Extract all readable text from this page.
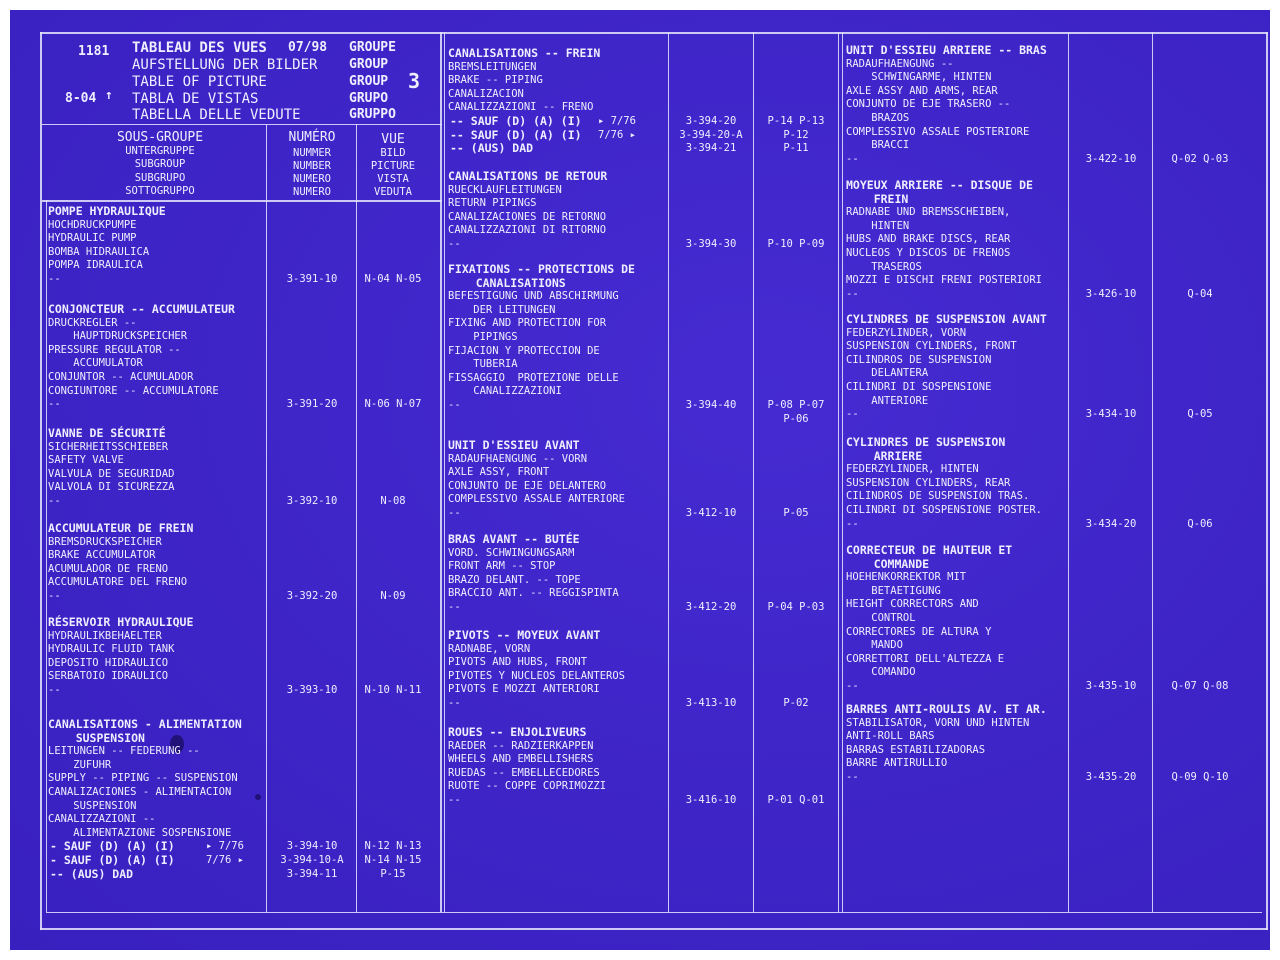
1181	07/98
8-04 ↑
TABLEAU DES VUES
AUFSTELLUNG DER BILDER
TABLE OF PICTURE
TABLA DE VISTAS
TABELLA DELLE VEDUTE
GROUPE
GROUP
GROUP
GRUPO
GRUPPO
3
SOUS-GROUPE
UNTERGRUPPE
SUBGROUP
SUBGRUPO
SOTTOGRUPPO
NUMÉRO
NUMMER
NUMBER
NUMERO
NUMERO
VUE
BILD
PICTURE
VISTA
VEDUTA
POMPE HYDRAULIQUE
HOCHDRUCKPUMPE
HYDRAULIC PUMP
BOMBA HIDRAULICA
POMPA IDRAULICA
--	3-391-10	N-04 N-05
CONJONCTEUR -- ACCUMULATEUR
DRUCKREGLER --
HAUPTDRUCKSPEICHER
PRESSURE REGULATOR --
ACCUMULATOR
CONJUNTOR -- ACUMULADOR
CONGIUNTORE -- ACCUMULATORE
--	3-391-20	N-06 N-07
VANNE DE SÉCURITÉ
SICHERHEITSSCHIEBER
SAFETY VALVE
VALVULA DE SEGURIDAD
VALVOLA DI SICUREZZA
--	3-392-10	N-08
ACCUMULATEUR DE FREIN
BREMSDRUCKSPEICHER
BRAKE ACCUMULATOR
ACUMULADOR DE FRENO
ACCUMULATORE DEL FRENO
--	3-392-20	N-09
RÉSERVOIR HYDRAULIQUE
HYDRAULIKBEHAELTER
HYDRAULIC FLUID TANK
DEPOSITO HIDRAULICO
SERBATOIO IDRAULICO
--	3-393-10	N-10 N-11
CANALISATIONS - ALIMENTATION
SUSPENSION
LEITUNGEN -- FEDERUNG --
ZUFUHR
SUPPLY -- PIPING -- SUSPENSION
CANALIZACIONES - ALIMENTACION
SUSPENSION
CANALIZZAZIONI --
ALIMENTAZIONE SOSPENSIONE
- SAUF (D) (A) (I)	▸ 7/76	3-394-10	N-12 N-13
- SAUF (D) (A) (I)	7/76 ▸	3-394-10-A	N-14 N-15
-- (AUS) DAD	3-394-11	P-15
CANALISATIONS -- FREIN
BREMSLEITUNGEN
BRAKE -- PIPING
CANALIZACION
CANALIZZAZIONI -- FRENO
-- SAUF (D) (A) (I) ▸ 7/76	3-394-20	P-14 P-13
-- SAUF (D) (A) (I) 7/76 ▸	3-394-20-A	P-12
-- (AUS) DAD	3-394-21	P-11
CANALISATIONS DE RETOUR
RUECKLAUFLEITUNGEN
RETURN PIPINGS
CANALIZACIONES DE RETORNO
CANALIZZAZIONI DI RITORNO
--	3-394-30	P-10 P-09
FIXATIONS -- PROTECTIONS DE
CANALISATIONS
BEFESTIGUNG UND ABSCHIRMUNG
DER LEITUNGEN
FIXING AND PROTECTION FOR
PIPINGS
FIJACION Y PROTECCION DE
TUBERIA
FISSAGGIO  PROTEZIONE DELLE
CANALIZZAZIONI
--	3-394-40	P-08 P-07
P-06
UNIT D'ESSIEU AVANT
RADAUFHAENGUNG -- VORN
AXLE ASSY, FRONT
CONJUNTO DE EJE DELANTERO
COMPLESSIVO ASSALE ANTERIORE
--	3-412-10	P-05
BRAS AVANT -- BUTÉE
VORD. SCHWINGUNGSARM
FRONT ARM -- STOP
BRAZO DELANT. -- TOPE
BRACCIO ANT. -- REGGISPINTA
--	3-412-20	P-04 P-03
PIVOTS -- MOYEUX AVANT
RADNABE, VORN
PIVOTS AND HUBS, FRONT
PIVOTES Y NUCLEOS DELANTEROS
PIVOTS E MOZZI ANTERIORI
--	3-413-10	P-02
ROUES -- ENJOLIVEURS
RAEDER -- RADZIERKAPPEN
WHEELS AND EMBELLISHERS
RUEDAS -- EMBELLECEDORES
RUOTE -- COPPE COPRIMOZZI
--	3-416-10	P-01 Q-01
UNIT D'ESSIEU ARRIERE -- BRAS
RADAUFHAENGUNG --
SCHWINGARME, HINTEN
AXLE ASSY AND ARMS, REAR
CONJUNTO DE EJE TRASERO --
BRAZOS
COMPLESSIVO ASSALE POSTERIORE
BRACCI
--	3-422-10	Q-02 Q-03
MOYEUX ARRIERE -- DISQUE DE
FREIN
RADNABE UND BREMSSCHEIBEN,
HINTEN
HUBS AND BRAKE DISCS, REAR
NUCLEOS Y DISCOS DE FRENOS
TRASEROS
MOZZI E DISCHI FRENI POSTERIORI
--	3-426-10	Q-04
CYLINDRES DE SUSPENSION AVANT
FEDERZYLINDER, VORN
SUSPENSION CYLINDERS, FRONT
CILINDROS DE SUSPENSION
DELANTERA
CILINDRI DI SOSPENSIONE
ANTERIORE
--	3-434-10	Q-05
CYLINDRES DE SUSPENSION
ARRIERE
FEDERZYLINDER, HINTEN
SUSPENSION CYLINDERS, REAR
CILINDROS DE SUSPENSION TRAS.
CILINDRI DI SOSPENSIONE POSTER.
--	3-434-20	Q-06
CORRECTEUR DE HAUTEUR ET
COMMANDE
HOEHENKORREKTOR MIT
BETAETIGUNG
HEIGHT CORRECTORS AND
CONTROL
CORRECTORES DE ALTURA Y
MANDO
CORRETTORI DELL'ALTEZZA E
COMANDO
--	3-435-10	Q-07 Q-08
BARRES ANTI-ROULIS AV. ET AR.
STABILISATOR, VORN UND HINTEN
ANTI-ROLL BARS
BARRAS ESTABILIZADORAS
BARRE ANTIRULLIO
--	3-435-20	Q-09 Q-10
